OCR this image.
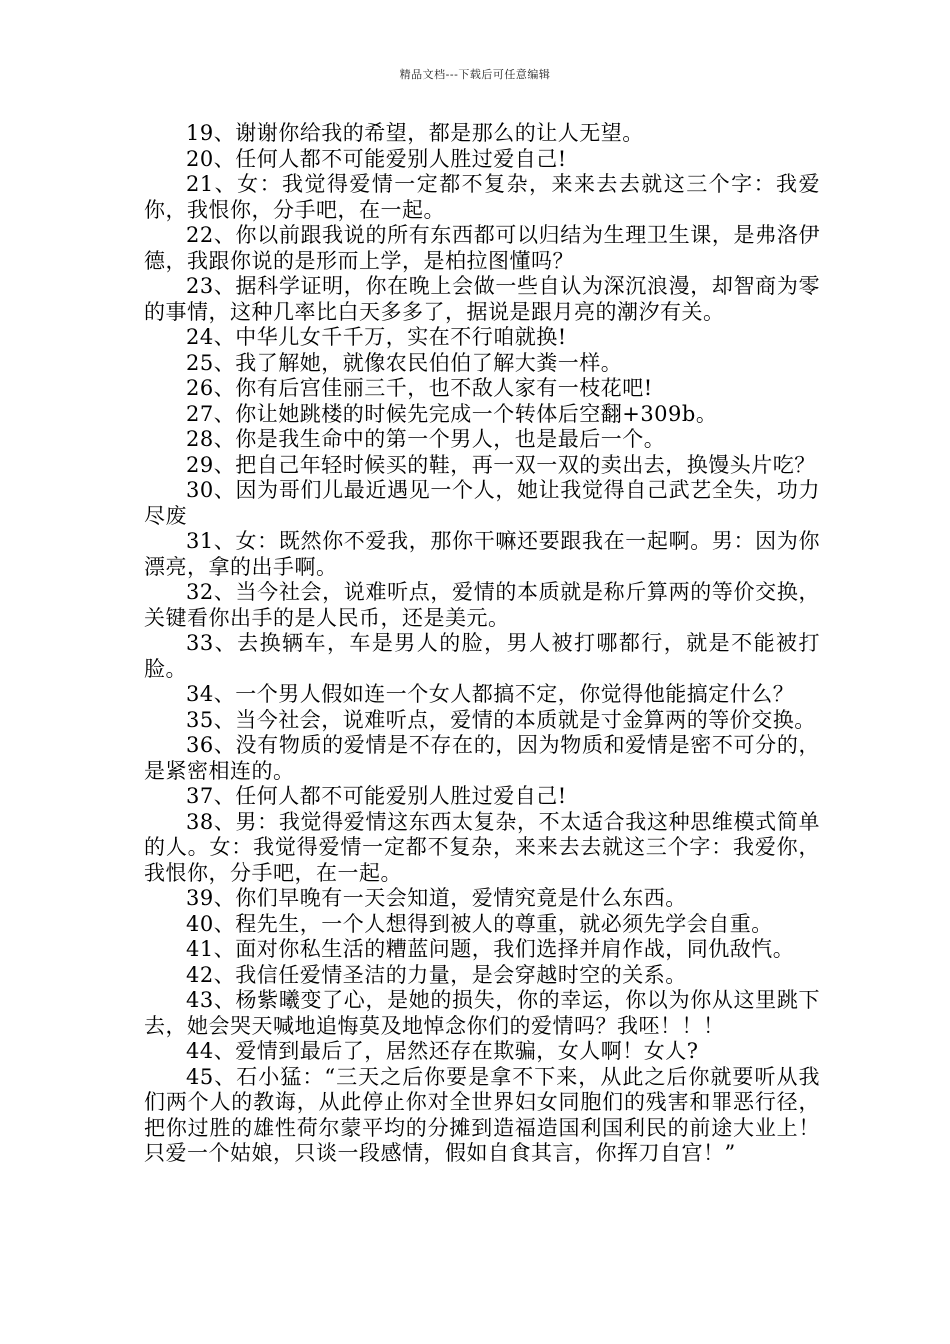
精品文档---下载后可任意编辑

19、谢谢你给我的希望，都是那么的让人无望。

20、任何人都不可能爱别人胜过爱自己!

21、女：我觉得爱情一定都不复杂，来来去去就这三个字：我爱你，我恨你，分手吧，在一起。

22、你以前跟我说的所有东西都可以归结为生理卫生课，是弗洛伊德，我跟你说的是形而上学，是柏拉图懂吗？

23、据科学证明，你在晚上会做一些自认为深沉浪漫，却智商为零的事情，这种几率比白天多多了，据说是跟月亮的潮汐有关。

24、中华儿女千千万，实在不行咱就换!

25、我了解她，就像农民伯伯了解大粪一样。

26、你有后宫佳丽三千，也不敌人家有一枝花吧!

27、你让她跳楼的时候先完成一个转体后空翻+309b。

28、你是我生命中的第一个男人，也是最后一个。

29、把自己年轻时候买的鞋，再一双一双的卖出去，换馒头片吃？

30、因为哥们儿最近遇见一个人，她让我觉得自己武艺全失，功力尽废

31、女：既然你不爱我，那你干嘛还要跟我在一起啊。男：因为你漂亮，拿的出手啊。

32、当今社会，说难听点，爱情的本质就是称斤算两的等价交换，关键看你出手的是人民币，还是美元。

33、去换辆车，车是男人的脸，男人被打哪都行，就是不能被打脸。

34、一个男人假如连一个女人都搞不定，你觉得他能搞定什么？

35、当今社会，说难听点，爱情的本质就是寸金算两的等价交换。

36、没有物质的爱情是不存在的，因为物质和爱情是密不可分的，是紧密相连的。

37、任何人都不可能爱别人胜过爱自己!

38、男：我觉得爱情这东西太复杂，不太适合我这种思维模式简单的人。女：我觉得爱情一定都不复杂，来来去去就这三个字：我爱你，我恨你，分手吧，在一起。

39、你们早晚有一天会知道，爱情究竟是什么东西。

40、程先生，一个人想得到被人的尊重，就必须先学会自重。

41、面对你私生活的糟蓝问题，我们选择并肩作战，同仇敌忾。

42、我信任爱情圣洁的力量，是会穿越时空的关系。

43、杨紫曦变了心，是她的损失，你的幸运，你以为你从这里跳下去，她会哭天喊地追悔莫及地悼念你们的爱情吗？我呸！！！

44、爱情到最后了，居然还存在欺骗，女人啊！女人?

45、石小猛：“三天之后你要是拿不下来，从此之后你就要听从我们两个人的教诲，从此停止你对全世界妇女同胞们的残害和罪恶行径，把你过胜的雄性荷尔蒙平均的分摊到造福造国利国利民的前途大业上！只爱一个姑娘，只谈一段感情，假如自食其言，你挥刀自宫！”
